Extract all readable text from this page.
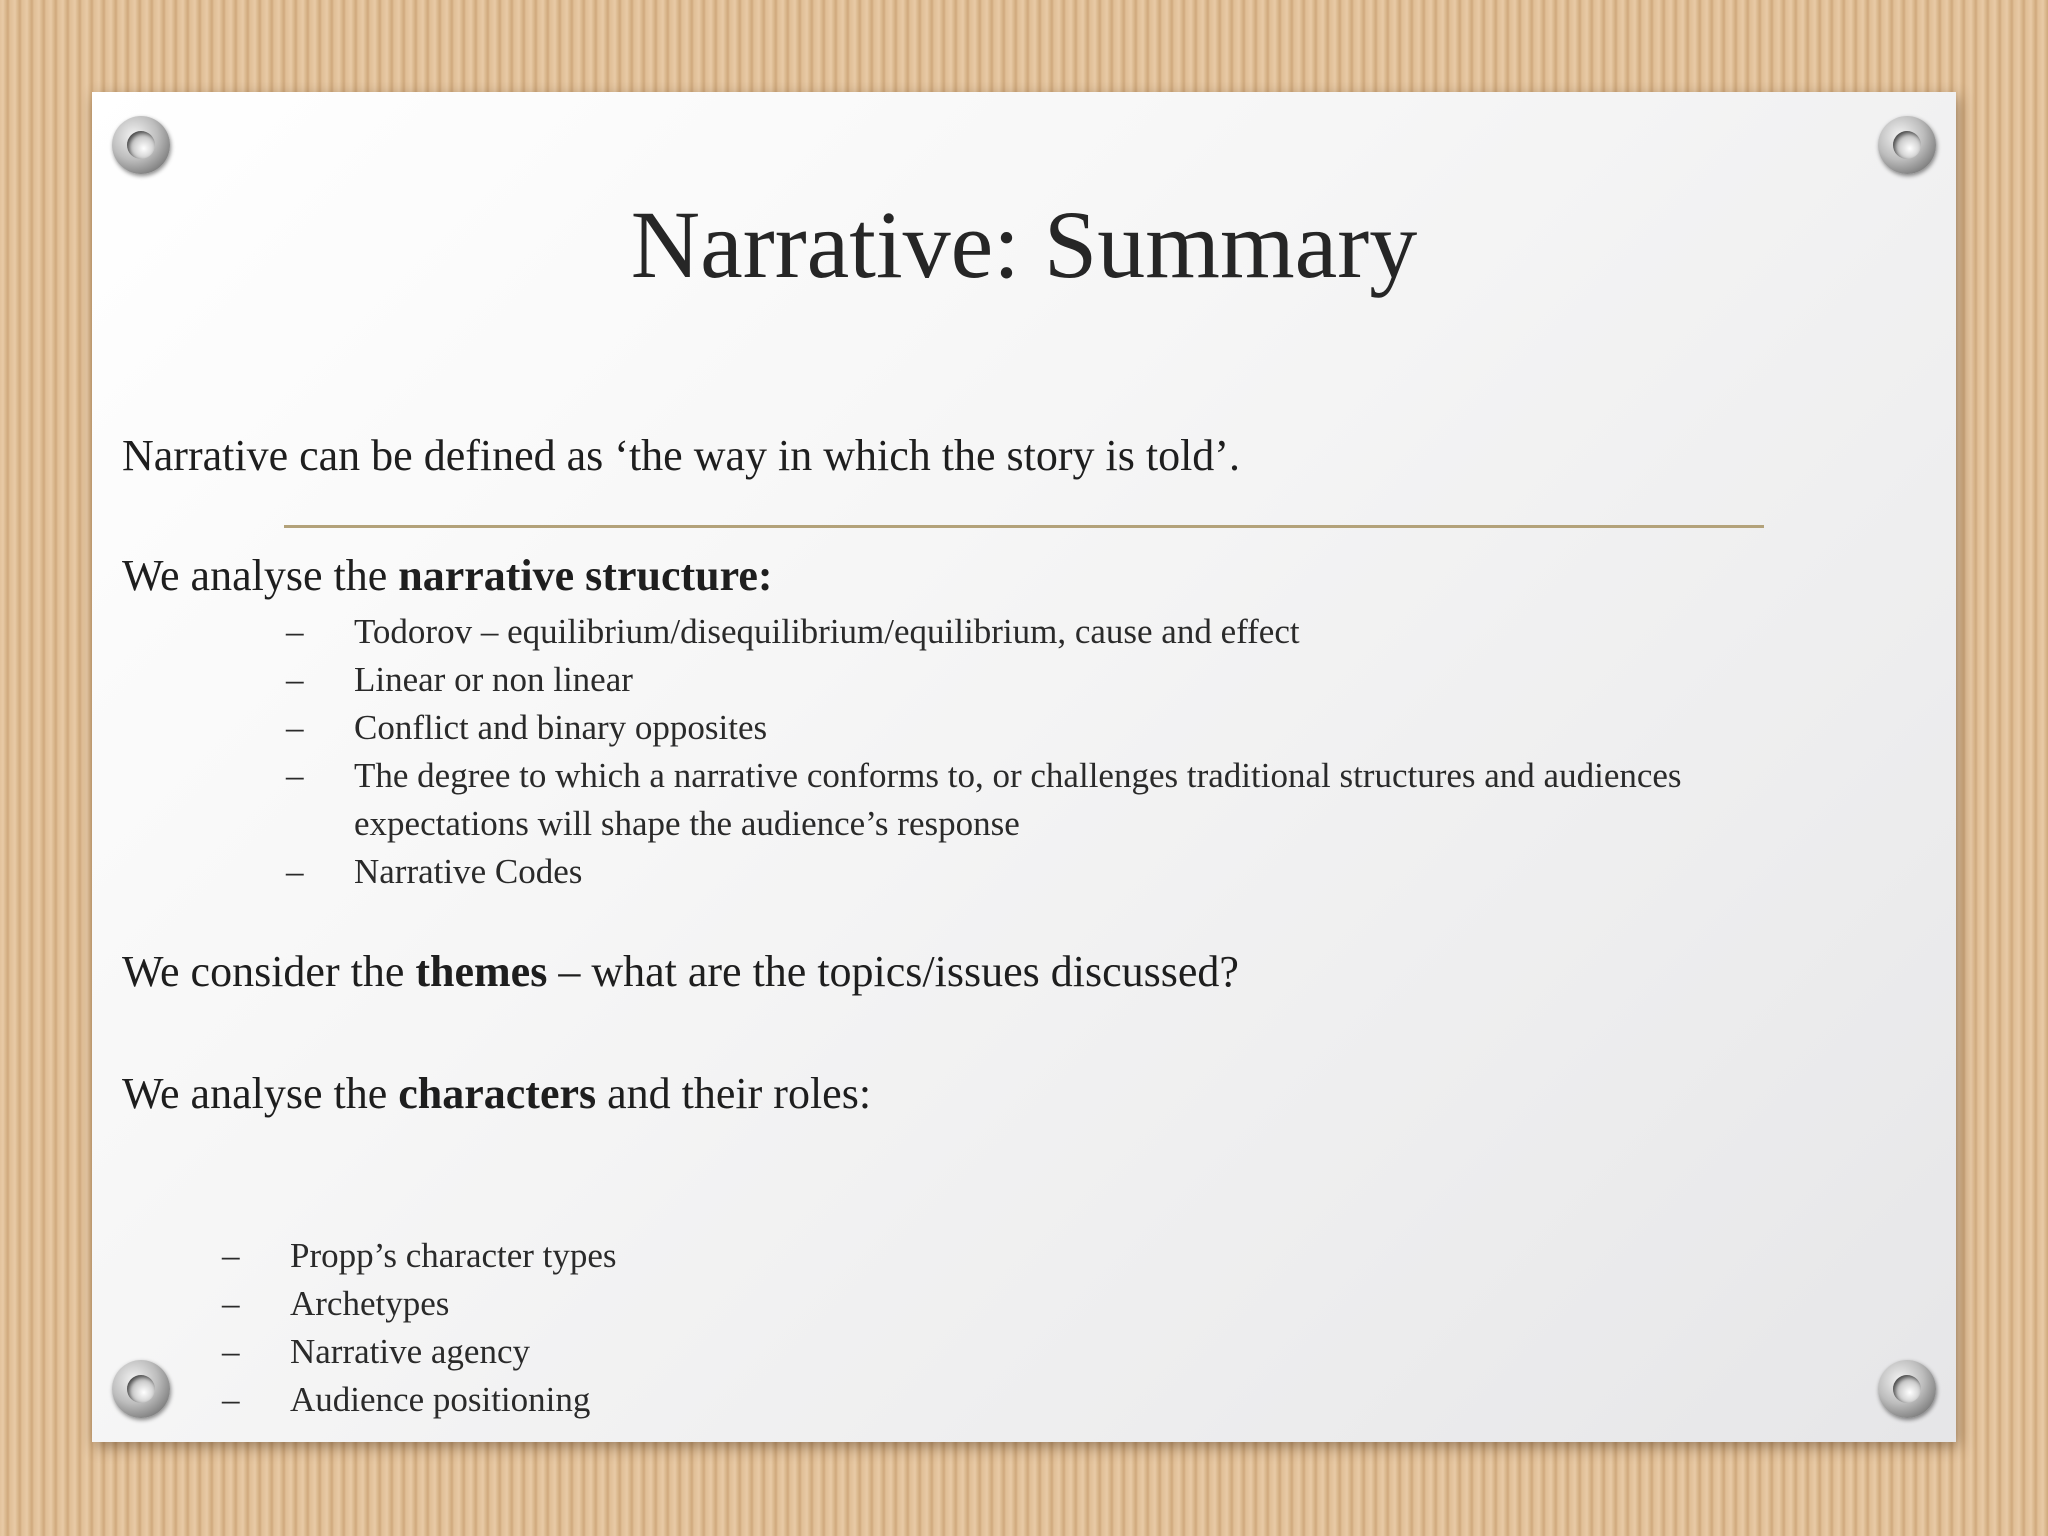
Narrative: Summary

Narrative can be defined as ‘the way in which the story is told’.

We analyse the narrative structure:

– Todorov – equilibrium/disequilibrium/equilibrium, cause and effect
– Linear or non linear
– Conflict and binary opposites
– The degree to which a narrative conforms to, or challenges traditional structures and audiences expectations will shape the audience’s response
– Narrative Codes

We consider the themes – what are the topics/issues discussed?

We analyse the characters and their roles:

– Propp’s character types
– Archetypes
– Narrative agency
– Audience positioning
